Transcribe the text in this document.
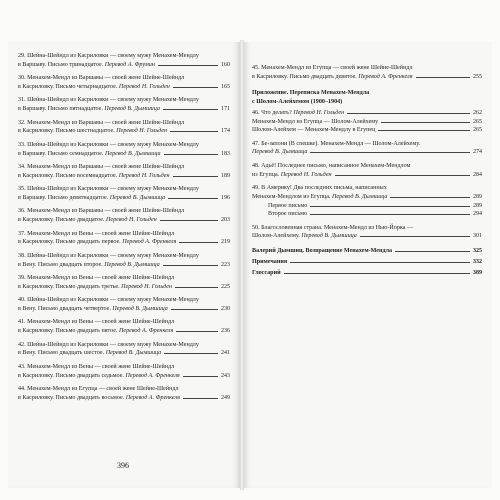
29. Шейна-Шейндл из Касриловки — своему мужу Менахем-Мендлу
в Варшаву. Письмо тринадцатое. Перевод А. Фрумин	160
30. Менахем-Мендл из Варшавы — своей жене Шейне-Шейндл
в Касриловку. Письмо четырнадцатое. Перевод Н. Гольден	165
31. Шейна-Шейндл из Касриловки — своему мужу Менахем-Мендлу
в Варшаву. Письмо пятнадцатое. Перевод В. Дымшица	171
32. Менахем-Мендл из Варшавы — своей жене Шейне-Шейндл
в Касриловку. Письмо шестнадцатое. Перевод Н. Гольден	174
33. Шейна-Шейндл из Касриловки — своему мужу Менахем-Мендлу
в Варшаву. Письмо семнадцатое. Перевод В. Дымшица	183
34. Менахем-Мендл из Варшавы — своей жене Шейне-Шейндл
в Касриловку. Письмо восемнадцатое. Перевод Н. Гольден	189
35. Шейна-Шейндл из Касриловки — своему мужу Менахем-Мендлу
в Варшаву. Письмо девятнадцатое. Перевод В. Дымшица	196
36. Менахем-Мендл из Варшавы — своей жене Шейне-Шейндл
в Касриловку. Письмо двадцатое. Перевод Н. Гольден	203
37. Менахем-Мендл из Вены — своей жене Шейне-Шейндл
в Касриловку. Письмо двадцать первое. Перевод А. Френкеля	219
38. Шейна-Шейндл из Касриловки — своему мужу Менахем-Мендлу
в Вену. Письмо двадцать второе. Перевод В. Дымшица	223
39. Менахем-Мендл из Вены — своей жене Шейне-Шейндл
в Касриловку. Письмо двадцать третье. Перевод Н. Гольден	225
40. Шейна-Шейндл из Касриловки — своему мужу Менахем-Мендлу
в Вену. Письмо двадцать четвертое. Перевод В. Дымшица	230
41. Менахем-Мендл из Вены — своей жене Шейне-Шейндл
в Касриловку. Письмо двадцать пятое. Перевод А. Френкеля	236
42. Шейна-Шейндл из Касриловки — своему мужу Менахем-Мендлу
в Вену. Письмо двадцать шестое. Перевод В. Дымшица	241
43. Менахем-Мендл из Вены — своей жене Шейне-Шейндл
в Касриловку. Письмо двадцать седьмое. Перевод А. Френкеля	243
44. Менахем-Мендл из Егупца — своей жене Шейне-Шейндл
в Касриловку. Письмо двадцать восьмое. Перевод А. Френкеля	249
396
45. Менахем-Мендл из Егупца — своей жене Шейне-Шейндл
в Касриловку. Письмо двадцать девятое. Перевод А. Френкеля	255
Приложение. Переписка Менахем-Мендла
с Шолом-Алейхемом (1900–1904)
46. Что делать? Перевод Н. Гольден	262
Менахем-Мендл из Егупца — Шолом-Алейхему	265
Шолом-Алейхем — Менахем-Мендлу в Егупец	265
47. Бе-запони (В спешке). Менахем-Мендл — Шолом-Алейхему.
Перевод В. Дымшица	274
48. Адьё! Последнее письмо, написанное Менахем-Мендлом
из Егупца. Перевод Н. Гольден	284
49. В Америку! Два последних письма, написанных
Менахем-Мендлом из Егупца. Перевод В. Дымшица	289
Первое письмо	289
Второе письмо	294
50. Благословенная страна. Менахем-Мендл из Нью-Йорка —
Шолом-Алейхему. Перевод В. Дымшица	301
Валерий Дымшиц. Возвращение Менахем-Мендла	325
Примечания	332
Глоссарий	389
